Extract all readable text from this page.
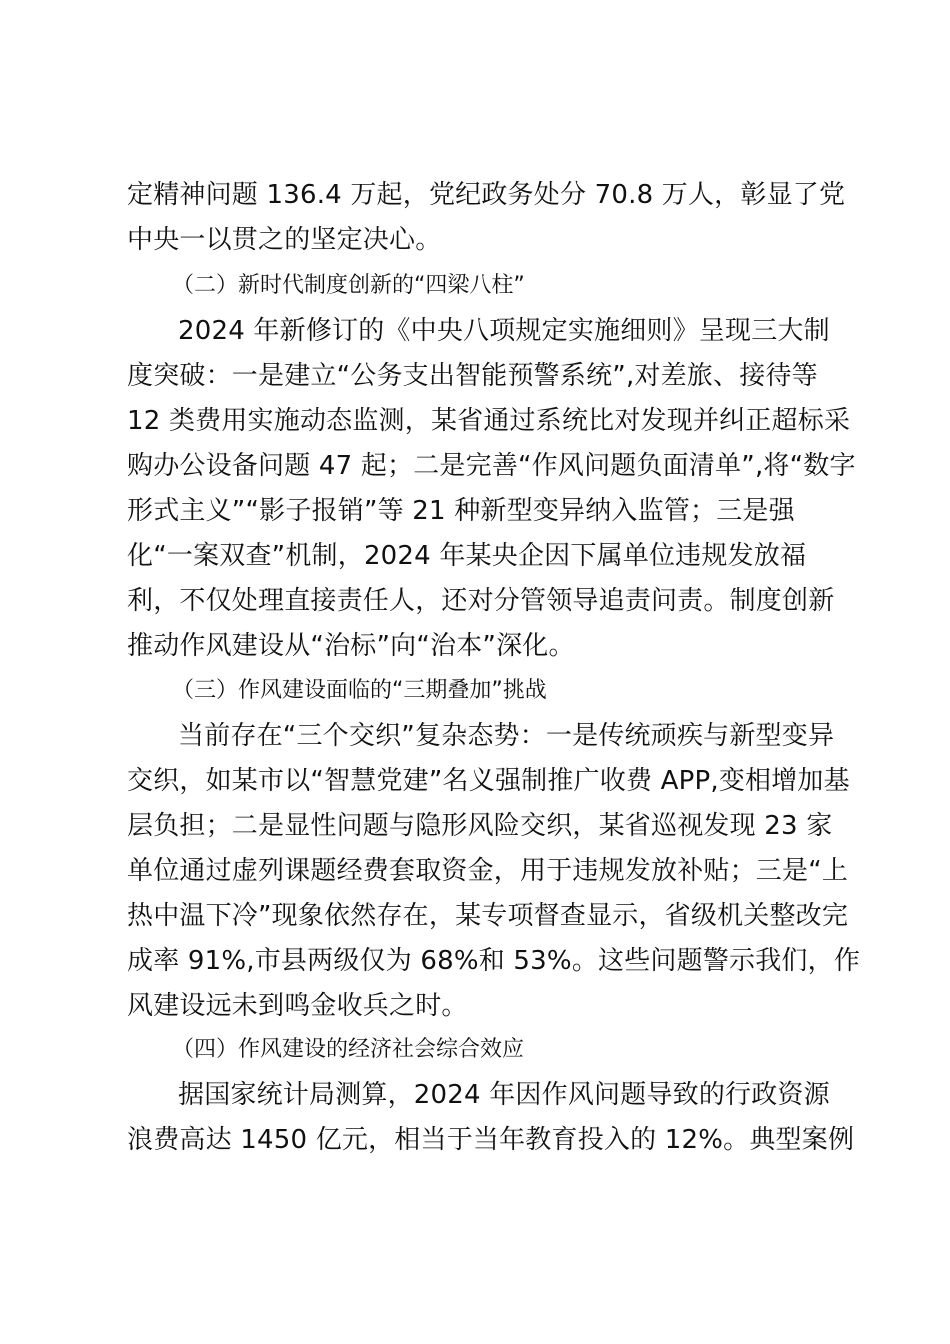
定精神问题 136.4 万起，党纪政务处分 70.8 万人，彰显了党
中央一以贯之的坚定决心。
（二）新时代制度创新的“四梁八柱”
2024 年新修订的《中央八项规定实施细则》呈现三大制
度突破：一是建立“公务支出智能预警系统”,对差旅、接待等
12 类费用实施动态监测，某省通过系统比对发现并纠正超标采
购办公设备问题 47 起；二是完善“作风问题负面清单”,将“数字
形式主义”“影子报销”等 21 种新型变异纳入监管；三是强
化“一案双查”机制，2024 年某央企因下属单位违规发放福
利，不仅处理直接责任人，还对分管领导追责问责。制度创新
推动作风建设从“治标”向“治本”深化。
（三）作风建设面临的“三期叠加”挑战
当前存在“三个交织”复杂态势：一是传统顽疾与新型变异
交织，如某市以“智慧党建”名义强制推广收费 APP,变相增加基
层负担；二是显性问题与隐形风险交织，某省巡视发现 23 家
单位通过虚列课题经费套取资金，用于违规发放补贴；三是“上
热中温下冷”现象依然存在，某专项督查显示，省级机关整改完
成率 91%,市县两级仅为 68%和 53%。这些问题警示我们，作
风建设远未到鸣金收兵之时。
（四）作风建设的经济社会综合效应
据国家统计局测算，2024 年因作风问题导致的行政资源
浪费高达 1450 亿元，相当于当年教育投入的 12%。典型案例
